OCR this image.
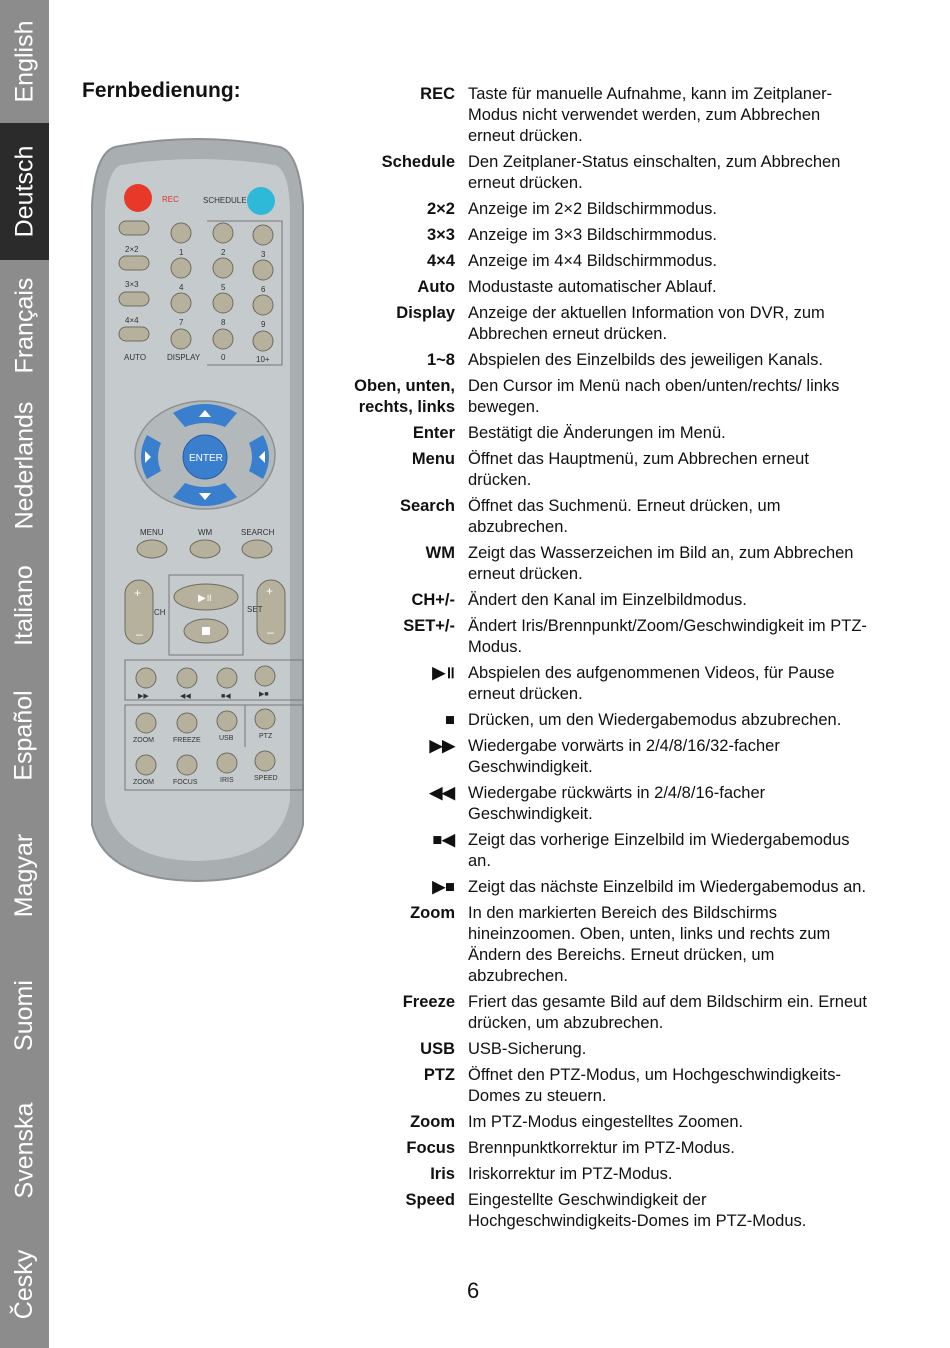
English
Deutsch
Français
Nederlands
Italiano
Español
Magyar
Suomi
Svenska
Česky
Fernbedienung:
REC	SCHEDULE
2×2
3×3
4×4
AUTO
1	2	3
4	5	6
7	8	9
DISPLAY	0	10+
ENTER
MENU	WM	SEARCH
+
–
+
–
CH	SET
▶॥
▶▶	◀◀	■◀	▶■
ZOOM	FREEZE	USB	PTZ
ZOOM	FOCUS	IRIS	SPEED
REC Taste für manuelle Aufnahme, kann im Zeitplaner-Modus nicht verwendet werden, zum Abbrechen erneut drücken.
Schedule Den Zeitplaner-Status einschalten, zum Abbrechen erneut drücken.
2×2 Anzeige im 2×2 Bildschirmmodus.
3×3 Anzeige im 3×3 Bildschirmmodus.
4×4 Anzeige im 4×4 Bildschirmmodus.
Auto Modustaste automatischer Ablauf.
Display Anzeige der aktuellen Information von DVR, zum Abbrechen erneut drücken.
1~8 Abspielen des Einzelbilds des jeweiligen Kanals.
Oben, unten, rechts, links
Den Cursor im Menü nach oben/unten/rechts/ links bewegen.
Enter Bestätigt die Änderungen im Menü.
Menu Öffnet das Hauptmenü, zum Abbrechen erneut drücken.
Search Öffnet das Suchmenü. Erneut drücken, um abzubrechen.
WM Zeigt das Wasserzeichen im Bild an, zum Abbrechen erneut drücken.
CH+/- Ändert den Kanal im Einzelbildmodus.
SET+/- Ändert Iris/Brennpunkt/Zoom/Geschwindigkeit im PTZ-Modus.
▶॥ Abspielen des aufgenommenen Videos, für Pause erneut drücken.
■ Drücken, um den Wiedergabemodus abzubrechen.
▶▶ Wiedergabe vorwärts in 2/4/8/16/32-facher Geschwindigkeit.
◀◀ Wiedergabe rückwärts in 2/4/8/16-facher Geschwindigkeit.
■◀ Zeigt das vorherige Einzelbild im Wiedergabemodus an.
▶■ Zeigt das nächste Einzelbild im Wiedergabemodus an.
Zoom In den markierten Bereich des Bildschirms hineinzoomen. Oben, unten, links und rechts zum Ändern des Bereichs. Erneut drücken, um abzubrechen.
Freeze Friert das gesamte Bild auf dem Bildschirm ein. Erneut drücken, um abzubrechen.
USB USB-Sicherung.
PTZ Öffnet den PTZ-Modus, um Hochgeschwindigkeits-Domes zu steuern.
Zoom Im PTZ-Modus eingestelltes Zoomen.
Focus Brennpunktkorrektur im PTZ-Modus.
Iris Iriskorrektur im PTZ-Modus.
Speed Eingestellte Geschwindigkeit der Hochgeschwindigkeits-Domes im PTZ-Modus.
6
